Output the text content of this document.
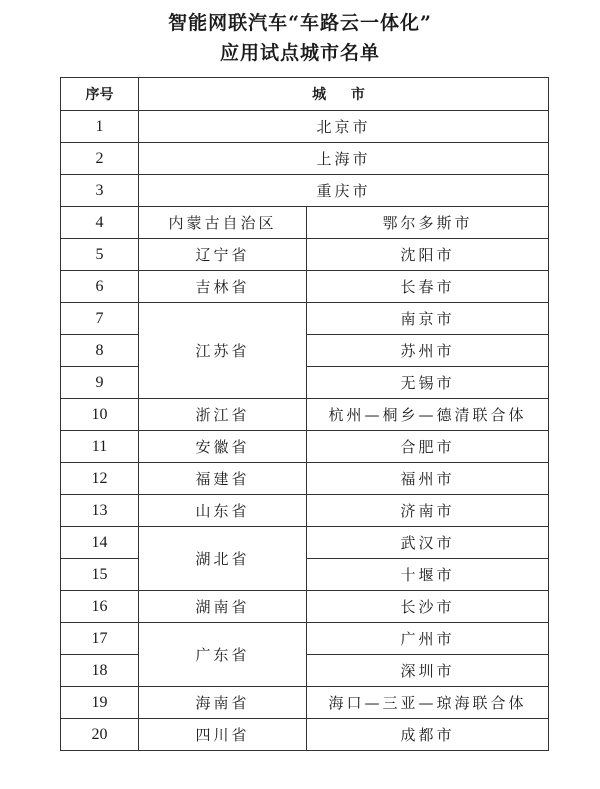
智能网联汽车“车路云一体化”
应用试点城市名单
序号	城 市	
1	北京市	
2	上海市	
3	重庆市	
4	内蒙古自治区	鄂尔多斯市
5	辽宁省	沈阳市
6	吉林省	长春市
7	江苏省	南京市
8		苏州市
9		无锡市
10	浙江省	杭州—桐乡—德清联合体
11	安徽省	合肥市
12	福建省	福州市
13	山东省	济南市
14	湖北省	武汉市
15		十堰市
16	湖南省	长沙市
17	广东省	广州市
18		深圳市
19	海南省	海口—三亚—琼海联合体
20	四川省	成都市
